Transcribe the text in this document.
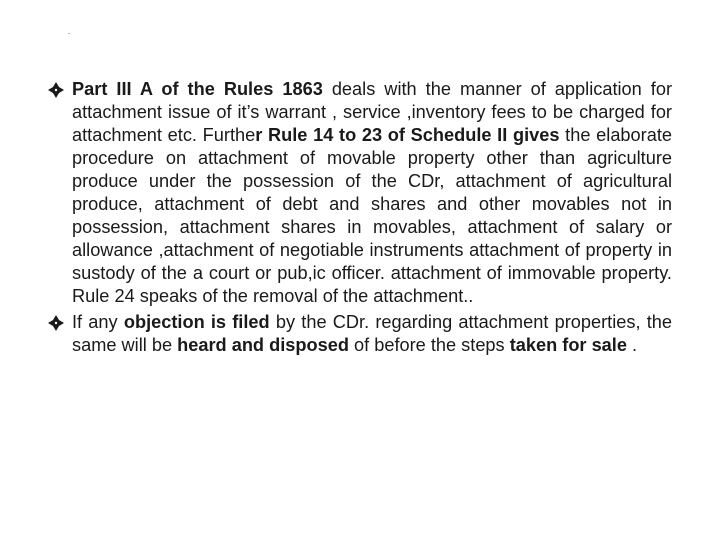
.
Part III A of the Rules 1863 deals with the manner of application for attachment issue of it’s warrant , service ,inventory fees to be charged for attachment etc. Further Rule 14 to 23 of Schedule II gives the elaborate procedure on attachment of movable property other than agriculture produce under the possession of the CDr, attachment of agricultural produce, attachment of debt and shares and other movables not in possession, attachment shares in movables, attachment of salary or allowance ,attachment of negotiable instruments attachment of property in sustody of the a court or pub,ic officer. attachment of immovable property. Rule 24 speaks of the removal of the attachment..
If any objection is filed by the CDr. regarding attachment properties, the same will be heard and disposed of before the steps taken for sale .
